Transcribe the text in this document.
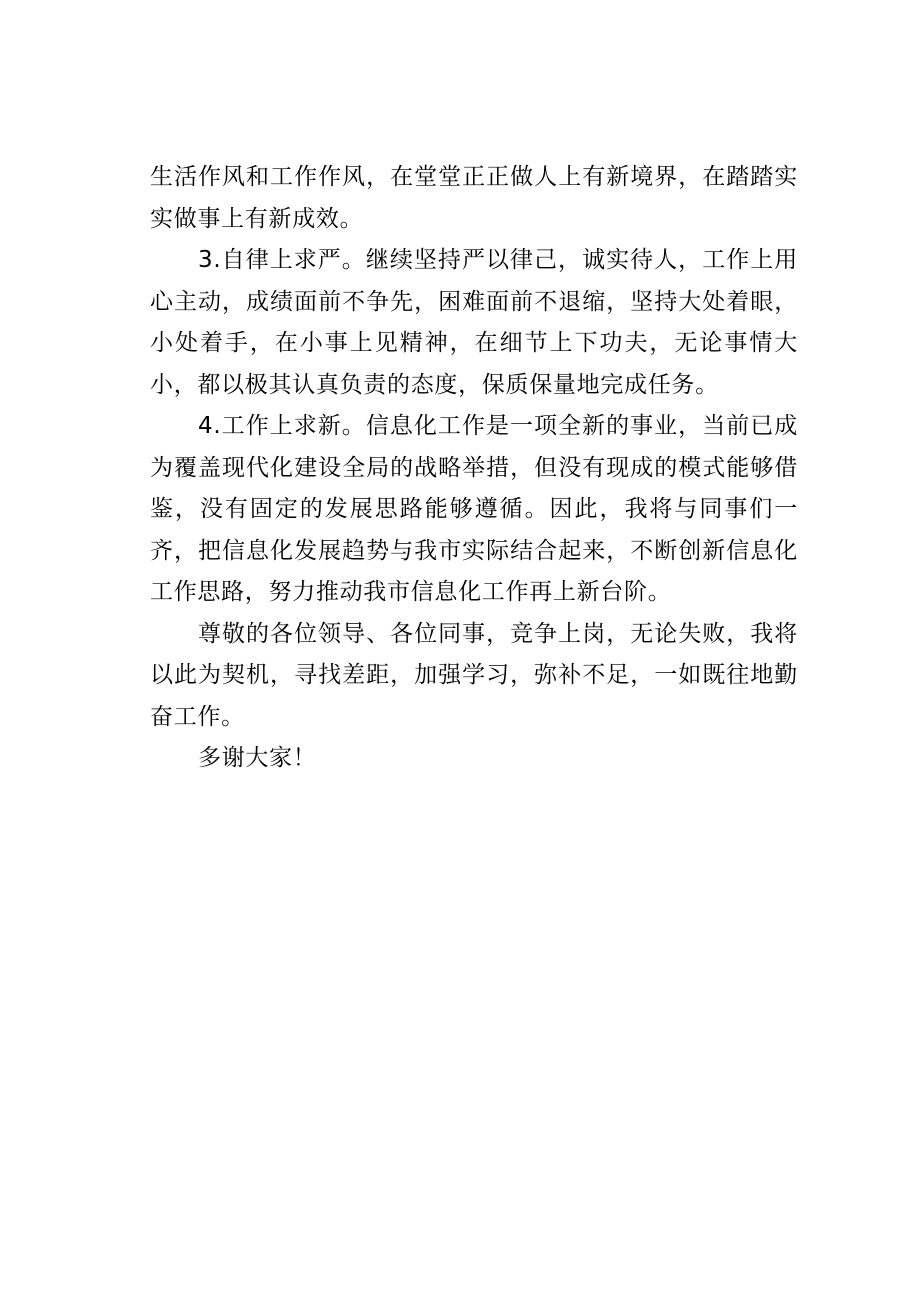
生活作风和工作作风，在堂堂正正做人上有新境界，在踏踏实实做事上有新成效。

3.自律上求严。继续坚持严以律己，诚实待人，工作上用心主动，成绩面前不争先，困难面前不退缩，坚持大处着眼，小处着手，在小事上见精神，在细节上下功夫，无论事情大小，都以极其认真负责的态度，保质保量地完成任务。

4.工作上求新。信息化工作是一项全新的事业，当前已成为覆盖现代化建设全局的战略举措，但没有现成的模式能够借鉴，没有固定的发展思路能够遵循。因此，我将与同事们一齐，把信息化发展趋势与我市实际结合起来，不断创新信息化工作思路，努力推动我市信息化工作再上新台阶。

尊敬的各位领导、各位同事，竞争上岗，无论失败，我将以此为契机，寻找差距，加强学习，弥补不足，一如既往地勤奋工作。

多谢大家！
